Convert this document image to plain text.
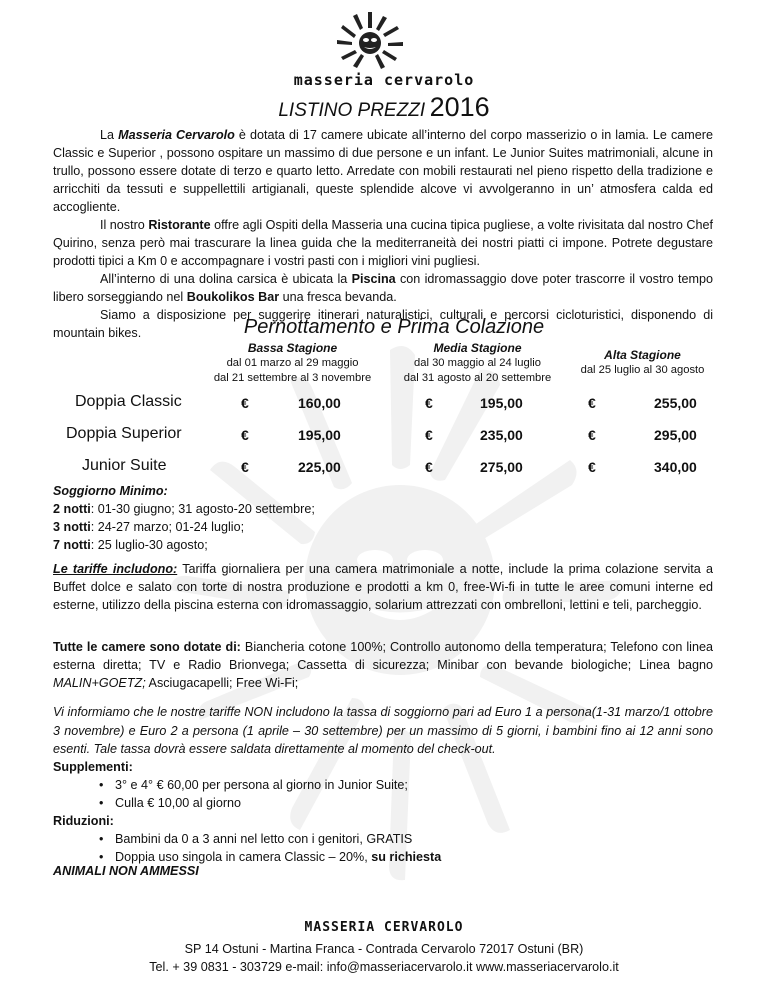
masseria cervarolo
LISTINO PREZZI 2016

La Masseria Cervarolo è dotata di 17 camere ubicate all’interno del corpo masserizio o in lamia. Le camere Classic e Superior , possono ospitare un massimo di due persone e un infant. Le Junior Suites matrimoniali, alcune in trullo, possono essere dotate di terzo e quarto letto. Arredate con mobili restaurati nel pieno rispetto della tradizione e arricchiti da tessuti e suppellettili artigianali, queste splendide alcove vi avvolgeranno in un’ atmosfera calda ed accogliente.

Il nostro Ristorante offre agli Ospiti della Masseria una cucina tipica pugliese, a volte rivisitata dal nostro Chef Quirino, senza però mai trascurare la linea guida che la mediterraneità dei nostri piatti ci impone. Potrete degustare prodotti tipici a Km 0 e accompagnare i vostri pasti con i migliori vini pugliesi.

All’interno di una dolina carsica è ubicata la Piscina con idromassaggio dove poter trascorre il vostro tempo libero sorseggiando nel Boukolikos Bar una fresca bevanda.

Siamo a disposizione per suggerire itinerari naturalistici, culturali e percorsi cicloturistici, disponendo di mountain bikes.	Pernottamento e Prima Colazione
Bassa Stagione
dal 01 marzo al 29 maggio
dal 21 settembre al 3 novembre
Media Stagione
dal 30 maggio al 24 luglio
dal 31 agosto al 20 settembre
Alta Stagione
dal 25 luglio al 30 agosto
Doppia Classic	€	160,00	€	195,00	€	255,00
Doppia Superior	€	195,00	€	235,00	€	295,00
Junior Suite	€	225,00	€	275,00	€	340,00
Soggiorno Minimo:
2 notti: 01-30 giugno; 31 agosto-20 settembre;
3 notti: 24-27 marzo; 01-24 luglio;
7 notti: 25 luglio-30 agosto;
Le tariffe includono: Tariffa giornaliera per una camera matrimoniale a notte, include la prima colazione servita a Buffet dolce e salato con torte di nostra produzione e prodotti a km 0, free-Wi-fi in tutte le aree comuni interne ed esterne, utilizzo della piscina esterna con idromassaggio, solarium attrezzati con ombrelloni, lettini e teli, parcheggio.
Tutte le camere sono dotate di: Biancheria cotone 100%; Controllo autonomo della temperatura; Telefono con linea esterna diretta; TV e Radio Brionvega; Cassetta di sicurezza; Minibar con bevande biologiche; Linea bagno MALIN+GOETZ; Asciugacapelli; Free Wi-Fi;
Vi informiamo che le nostre tariffe NON includono la tassa di soggiorno pari ad Euro 1 a persona(1-31 marzo/1 ottobre 3 novembre) e Euro 2 a persona (1 aprile – 30 settembre) per un massimo di 5 giorni, i bambini fino ai 12 anni sono esenti. Tale tassa dovrà essere saldata direttamente al momento del check-out.
Supplementi:
• 3° e 4° € 60,00 per persona al giorno in Junior Suite;
• Culla € 10,00 al giorno
Riduzioni:
• Bambini da 0 a 3 anni nel letto con i genitori, GRATIS
• Doppia uso singola in camera Classic – 20%, su richiesta
ANIMALI NON AMMESSI
MASSERIA CERVAROLO
SP 14 Ostuni - Martina Franca - Contrada Cervarolo 72017 Ostuni (BR)
Tel. + 39 0831 - 303729 e-mail: info@masseriacervarolo.it www.masseriacervarolo.it
